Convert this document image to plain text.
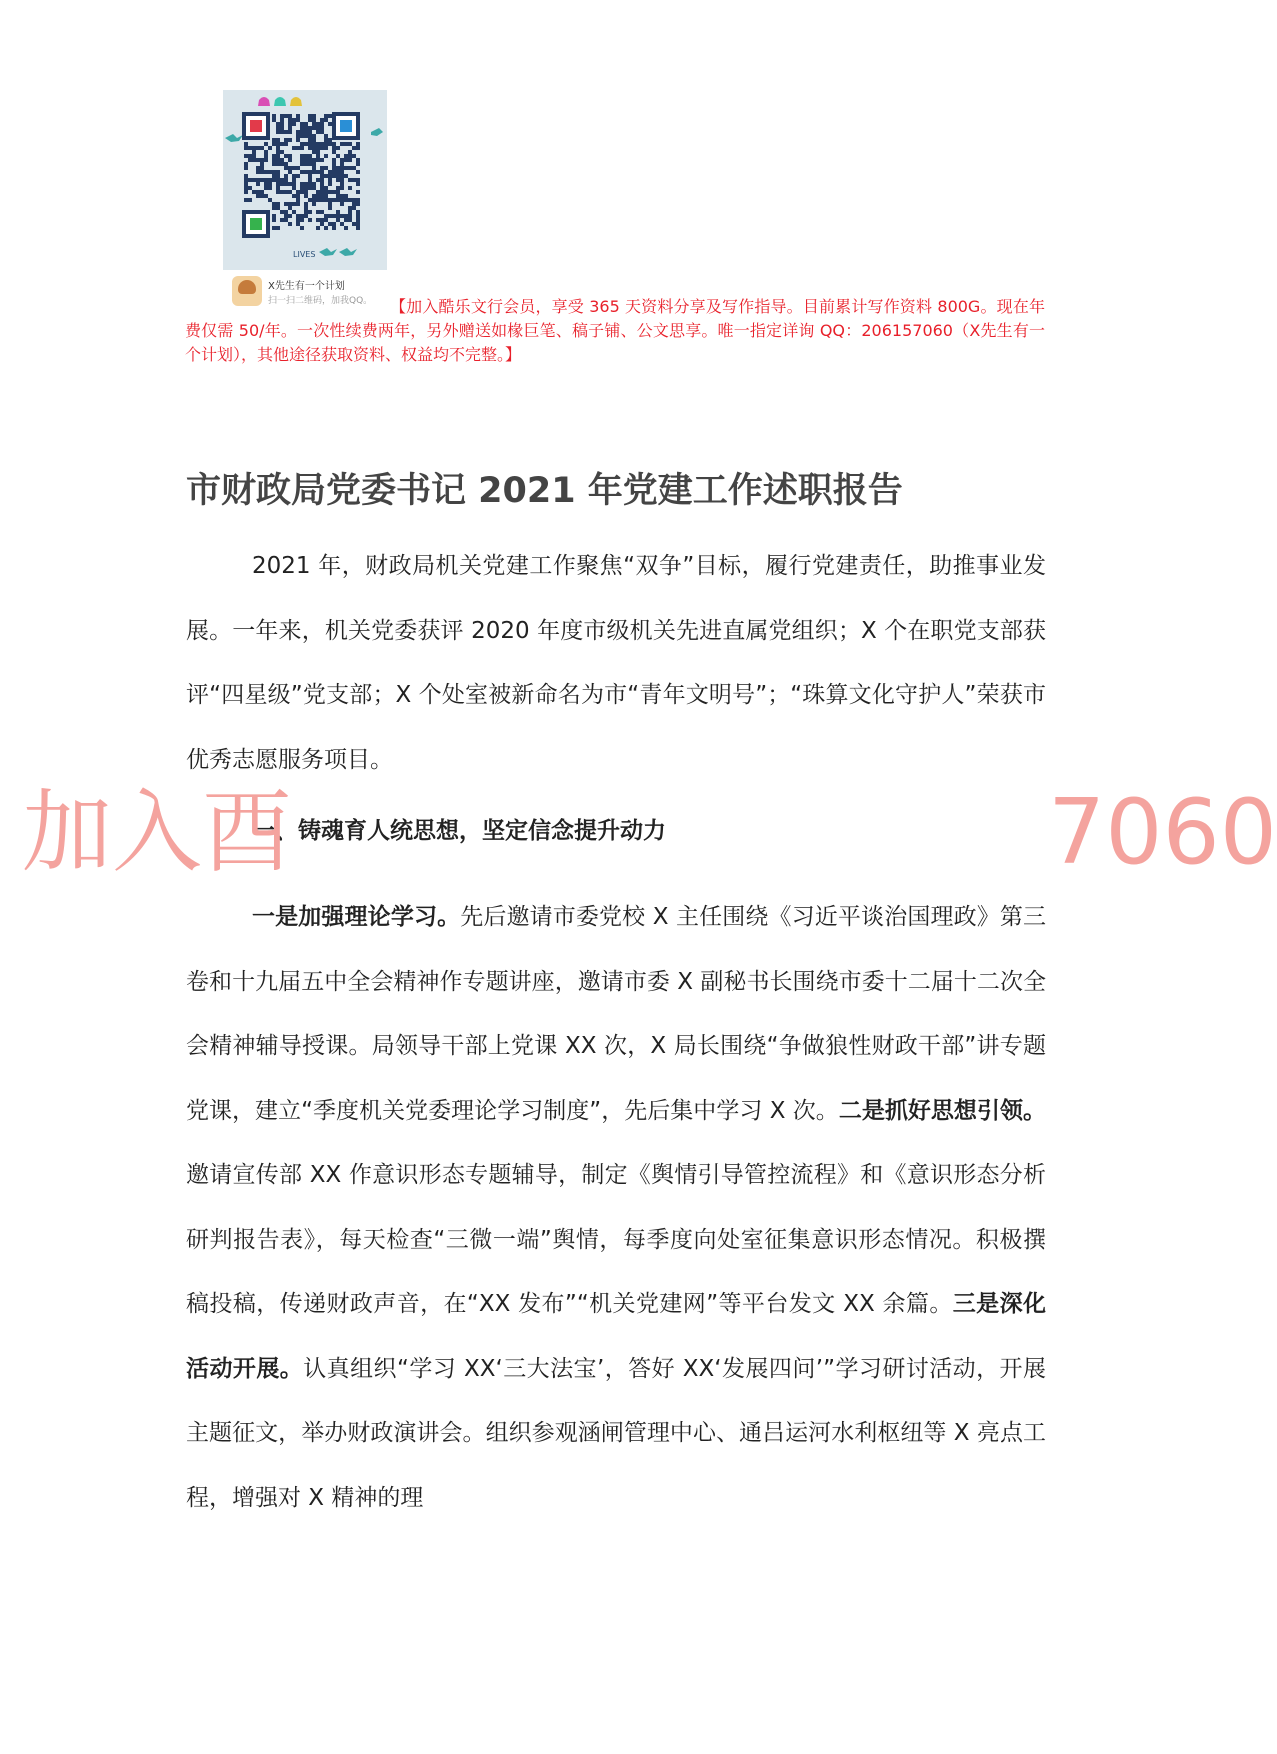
LIVES
X先生有一个计划
扫一扫二维码，加我QQ。	【加入酷乐文行会员，享受 365 天资料分享及写作指导。目前累计写作资料 800G。现在年费仅需 50/年。一次性续费两年，另外赠送如椽巨笔、稿子铺、公文思享。唯一指定详询 QQ：206157060（X先生有一个计划），其他途径获取资料、权益均不完整。】
市财政局党委书记 2021 年党建工作述职报告

2021 年，财政局机关党建工作聚焦“双争”目标，履行党建责任，助推事业发展。一年来，机关党委获评 2020 年度市级机关先进直属党组织；X 个在职党支部获评“四星级”党支部；X 个处室被新命名为市“青年文明号”；“珠算文化守护人”荣获市优秀志愿服务项目。

一、铸魂育人统思想，坚定信念提升动力

一是加强理论学习。先后邀请市委党校 X 主任围绕《习近平谈治国理政》第三卷和十九届五中全会精神作专题讲座，邀请市委 X 副秘书长围绕市委十二届十二次全会精神辅导授课。局领导干部上党课 XX 次，X 局长围绕“争做狼性财政干部”讲专题党课，建立“季度机关党委理论学习制度”，先后集中学习 X 次。二是抓好思想引领。邀请宣传部 XX 作意识形态专题辅导，制定《舆情引导管控流程》和《意识形态分析研判报告表》，每天检查“三微一端”舆情，每季度向处室征集意识形态情况。积极撰稿投稿，传递财政声音，在“XX 发布”“机关党建网”等平台发文 XX 余篇。三是深化活动开展。认真组织“学习 XX‘三大法宝’，答好 XX‘发展四问’”学习研讨活动，开展主题征文，举办财政演讲会。组织参观涵闸管理中心、通吕运河水利枢纽等 X 亮点工程，增强对 X 精神的理

加入酉	7060
